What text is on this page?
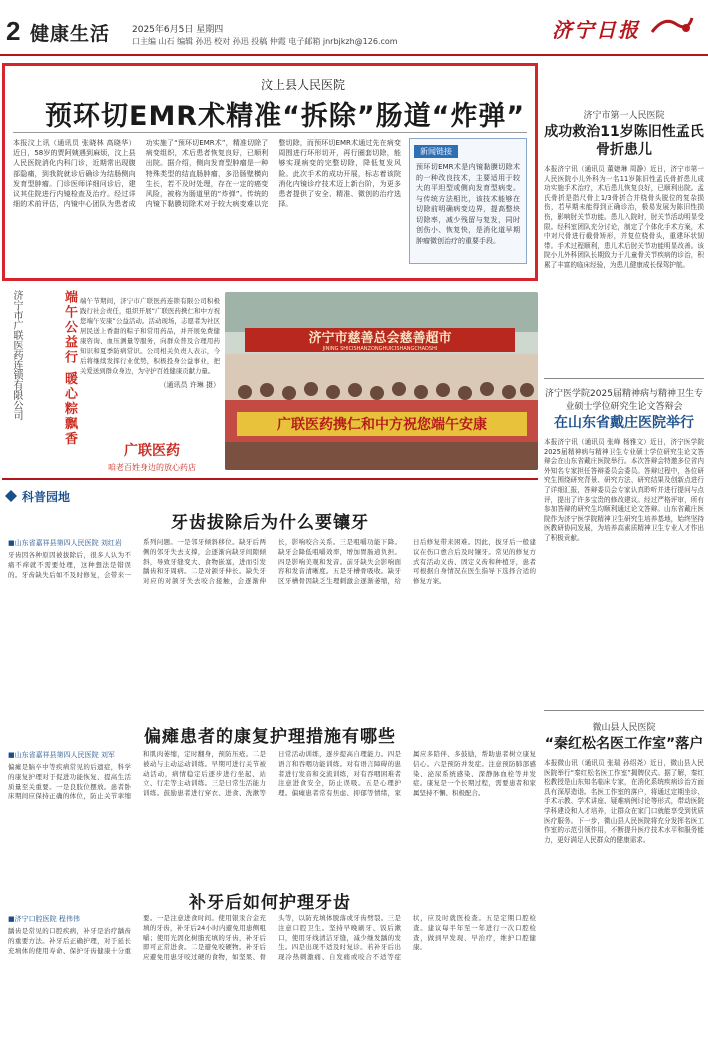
2 健康生活 2025年6月5日 星期四
口主编 山石 编辑 孙迅 校对 孙迅 投稿 仲霞 电子邮箱 jnrbjkzh@126.com	济宁日报
汶上县人民医院
预环切EMR术精准“拆除”肠道“炸弹”
本报汶上讯（通讯员 张晓林 高晓华）近日，58岁的贾阿姨遇到麻烦，汶上县人民医院消化内科门诊，近期常出现腹部隐痛，到我院就诊后确诊为结肠侧向发育型肿瘤。门诊医师详细问诊后，建议其住院进行内镜检查及治疗。经过详细的术前评估，内镜中心团队为患者成功实施了“预环切EMR术”，精准切除了病变组织，术后患者恢复良好，已顺利出院。据介绍，侧向发育型肿瘤是一种特殊类型的结直肠肿瘤，多沿肠壁横向生长，若不及时处理，存在一定的癌变风险，被称为肠道里的“炸弹”。传统的内镜下黏膜切除术对于较大病变难以完整切除，而预环切EMR术通过先在病变周围进行环形切开，再行圈套切除，能够实现病变的完整切除，降低复发风险。此次手术的成功开展，标志着该院消化内镜诊疗技术迈上新台阶，为更多患者提供了安全、精准、微创的治疗选择。
新闻链接
预环切EMR术是内镜黏膜切除术的一种改良技术，主要适用于较大的平坦型或侧向发育型病变。与传统方法相比，该技术能够在切除前明确病变边界，提高整块切除率，减少残留与复发，同时创伤小、恢复快，是消化道早期肿瘤微创治疗的重要手段。
济宁市广联医药连锁有限公司	端午公益行 暖心粽飘香 端午节期间，济宁市广联医药连锁有限公司积极践行社会责任，组织开展“广联医药携仁和中方祝您端午安康”公益活动。活动现场，志愿者为社区居民送上香甜的粽子和常用药品，并开展免费健康咨询、血压测量等服务，向群众普及合理用药知识和夏季防病常识。公司相关负责人表示，今后将继续发挥行业优势，积极投身公益事业，把关爱送到群众身边，为守护百姓健康贡献力量。
（通讯员 许琳 摄）
济宁市慈善总会慈善超市
JINING SHICISHANZONGHUICISHANGCHAOSHI
广联医药携仁和中方祝您端午安康
广联医药
咱老百姓身边的放心药店
科普园地
牙齿拔除后为什么要镶牙
■山东省嘉祥县第四人民医院 刘红岩
牙齿因各种原因被拔除后，很多人认为不痛不痒就不需要处理，这种想法是错误的。牙齿缺失后如不及时修复，会带来一系列问题。一是邻牙倾斜移位。缺牙后两侧的邻牙失去支撑，会逐渐向缺牙间隙倾斜，导致牙缝变大、食物嵌塞，进而引发龋齿和牙周病。二是对颌牙伸长。缺失牙对应的对颌牙失去咬合接触，会逐渐伸长，影响咬合关系。三是咀嚼功能下降。缺牙会降低咀嚼效率，增加胃肠道负担。四是影响美观和发音。前牙缺失会影响面容和发音清晰度。五是牙槽骨吸收。缺牙区牙槽骨因缺乏生理刺激会逐渐萎缩，给日后修复带来困难。因此，拔牙后一般建议在伤口愈合后及时镶牙。常见的修复方式有活动义齿、固定义齿和种植牙，患者可根据自身情况在医生指导下选择合适的修复方案。
偏瘫患者的康复护理措施有哪些
■山东省嘉祥县第四人民医院 刘军
偏瘫是脑卒中等疾病常见的后遗症，科学的康复护理对于促进功能恢复、提高生活质量至关重要。一是良肢位摆放。患者卧床期间应保持正确的体位，防止关节挛缩和肌肉萎缩，定时翻身，预防压疮。二是被动与主动运动训练。早期可进行关节被动活动，病情稳定后逐步进行坐起、站立、行走等主动训练。三是日常生活能力训练。鼓励患者进行穿衣、进食、洗漱等日常活动训练，逐步提高自理能力。四是语言和吞咽功能训练。对有语言障碍的患者进行发音和交流训练，对有吞咽困难者注意进食安全，防止误吸。五是心理护理。偏瘫患者常有焦虑、抑郁等情绪，家属应多陪伴、多鼓励，帮助患者树立康复信心。六是预防并发症。注意预防肺部感染、泌尿系统感染、深静脉血栓等并发症。康复是一个长期过程，需要患者和家属坚持不懈、积极配合。
补牙后如何护理牙齿
■济宁口腔医院 程伟伟
龋齿是常见的口腔疾病，补牙是治疗龋齿的重要方法。补牙后正确护理，对于延长充填体的使用寿命、保护牙齿健康十分重要。一是注意进食时间。使用银汞合金充填的牙齿，补牙后24小时内避免用患侧咀嚼；使用光固化树脂充填的牙齿，补牙后即可正常进食。二是避免咬硬物。补牙后应避免用患牙咬过硬的食物，如坚果、骨头等，以防充填体脱落或牙齿劈裂。三是注意口腔卫生。坚持早晚刷牙、饭后漱口，使用牙线清洁牙缝，减少继发龋的发生。四是出现不适及时复诊。若补牙后出现冷热刺激痛、自发痛或咬合不适等症状，应及时就医检查。五是定期口腔检查。建议每半年至一年进行一次口腔检查，做到早发现、早治疗，维护口腔健康。
济宁市第一人民医院
成功救治11岁陈旧性孟氏骨折患儿
本报济宁讯（通讯员 董婕琳 周静）近日，济宁市第一人民医院小儿外科为一名11岁陈旧性孟氏骨折患儿成功实施手术治疗，术后患儿恢复良好，已顺利出院。孟氏骨折是指尺骨上1/3骨折合并桡骨头脱位的复杂损伤，若早期未能得到正确诊治，极易发展为陈旧性损伤，影响肘关节功能。患儿入院时，肘关节活动明显受限。经科室团队充分讨论，制定了个体化手术方案，术中对尺骨进行截骨矫形，并复位桡骨头，重建环状韧带。手术过程顺利，患儿术后肘关节功能明显改善。该院小儿外科团队长期致力于儿童骨关节疾病的诊治，积累了丰富的临床经验，为患儿健康成长保驾护航。
济宁医学院2025届精神病与精神卫生专业硕士学位研究生论文答辩会
在山东省戴庄医院举行
本报济宁讯（通讯员 张峰 杨雅文）近日，济宁医学院2025届精神病与精神卫生专业硕士学位研究生论文答辩会在山东省戴庄医院举行。本次答辩会特邀多位省内外知名专家担任答辩委员会委员。答辩过程中，各位研究生围绕研究背景、研究方法、研究结果及创新点进行了详细汇报，答辩委员会专家认真聆听并进行提问与点评，提出了许多宝贵的修改建议。经过严格评审，所有参加答辩的研究生均顺利通过论文答辩。山东省戴庄医院作为济宁医学院精神卫生研究生培养基地，始终坚持医教研协同发展，为培养高素质精神卫生专业人才作出了积极贡献。
微山县人民医院
“秦红松名医工作室”落户
本报微山讯（通讯员 张瑞 孙绍尧）近日，微山县人民医院举行“秦红松名医工作室”揭牌仪式。据了解，秦红松教授是山东知名临床专家，在消化系统疾病诊治方面具有深厚造诣。名医工作室的落户，将通过定期坐诊、手术示教、学术讲座、疑难病例讨论等形式，带动医院学科建设和人才培养，让群众在家门口就能享受到优质医疗服务。下一步，微山县人民医院将充分发挥名医工作室的示范引领作用，不断提升医疗技术水平和服务能力，更好满足人民群众的健康需求。
